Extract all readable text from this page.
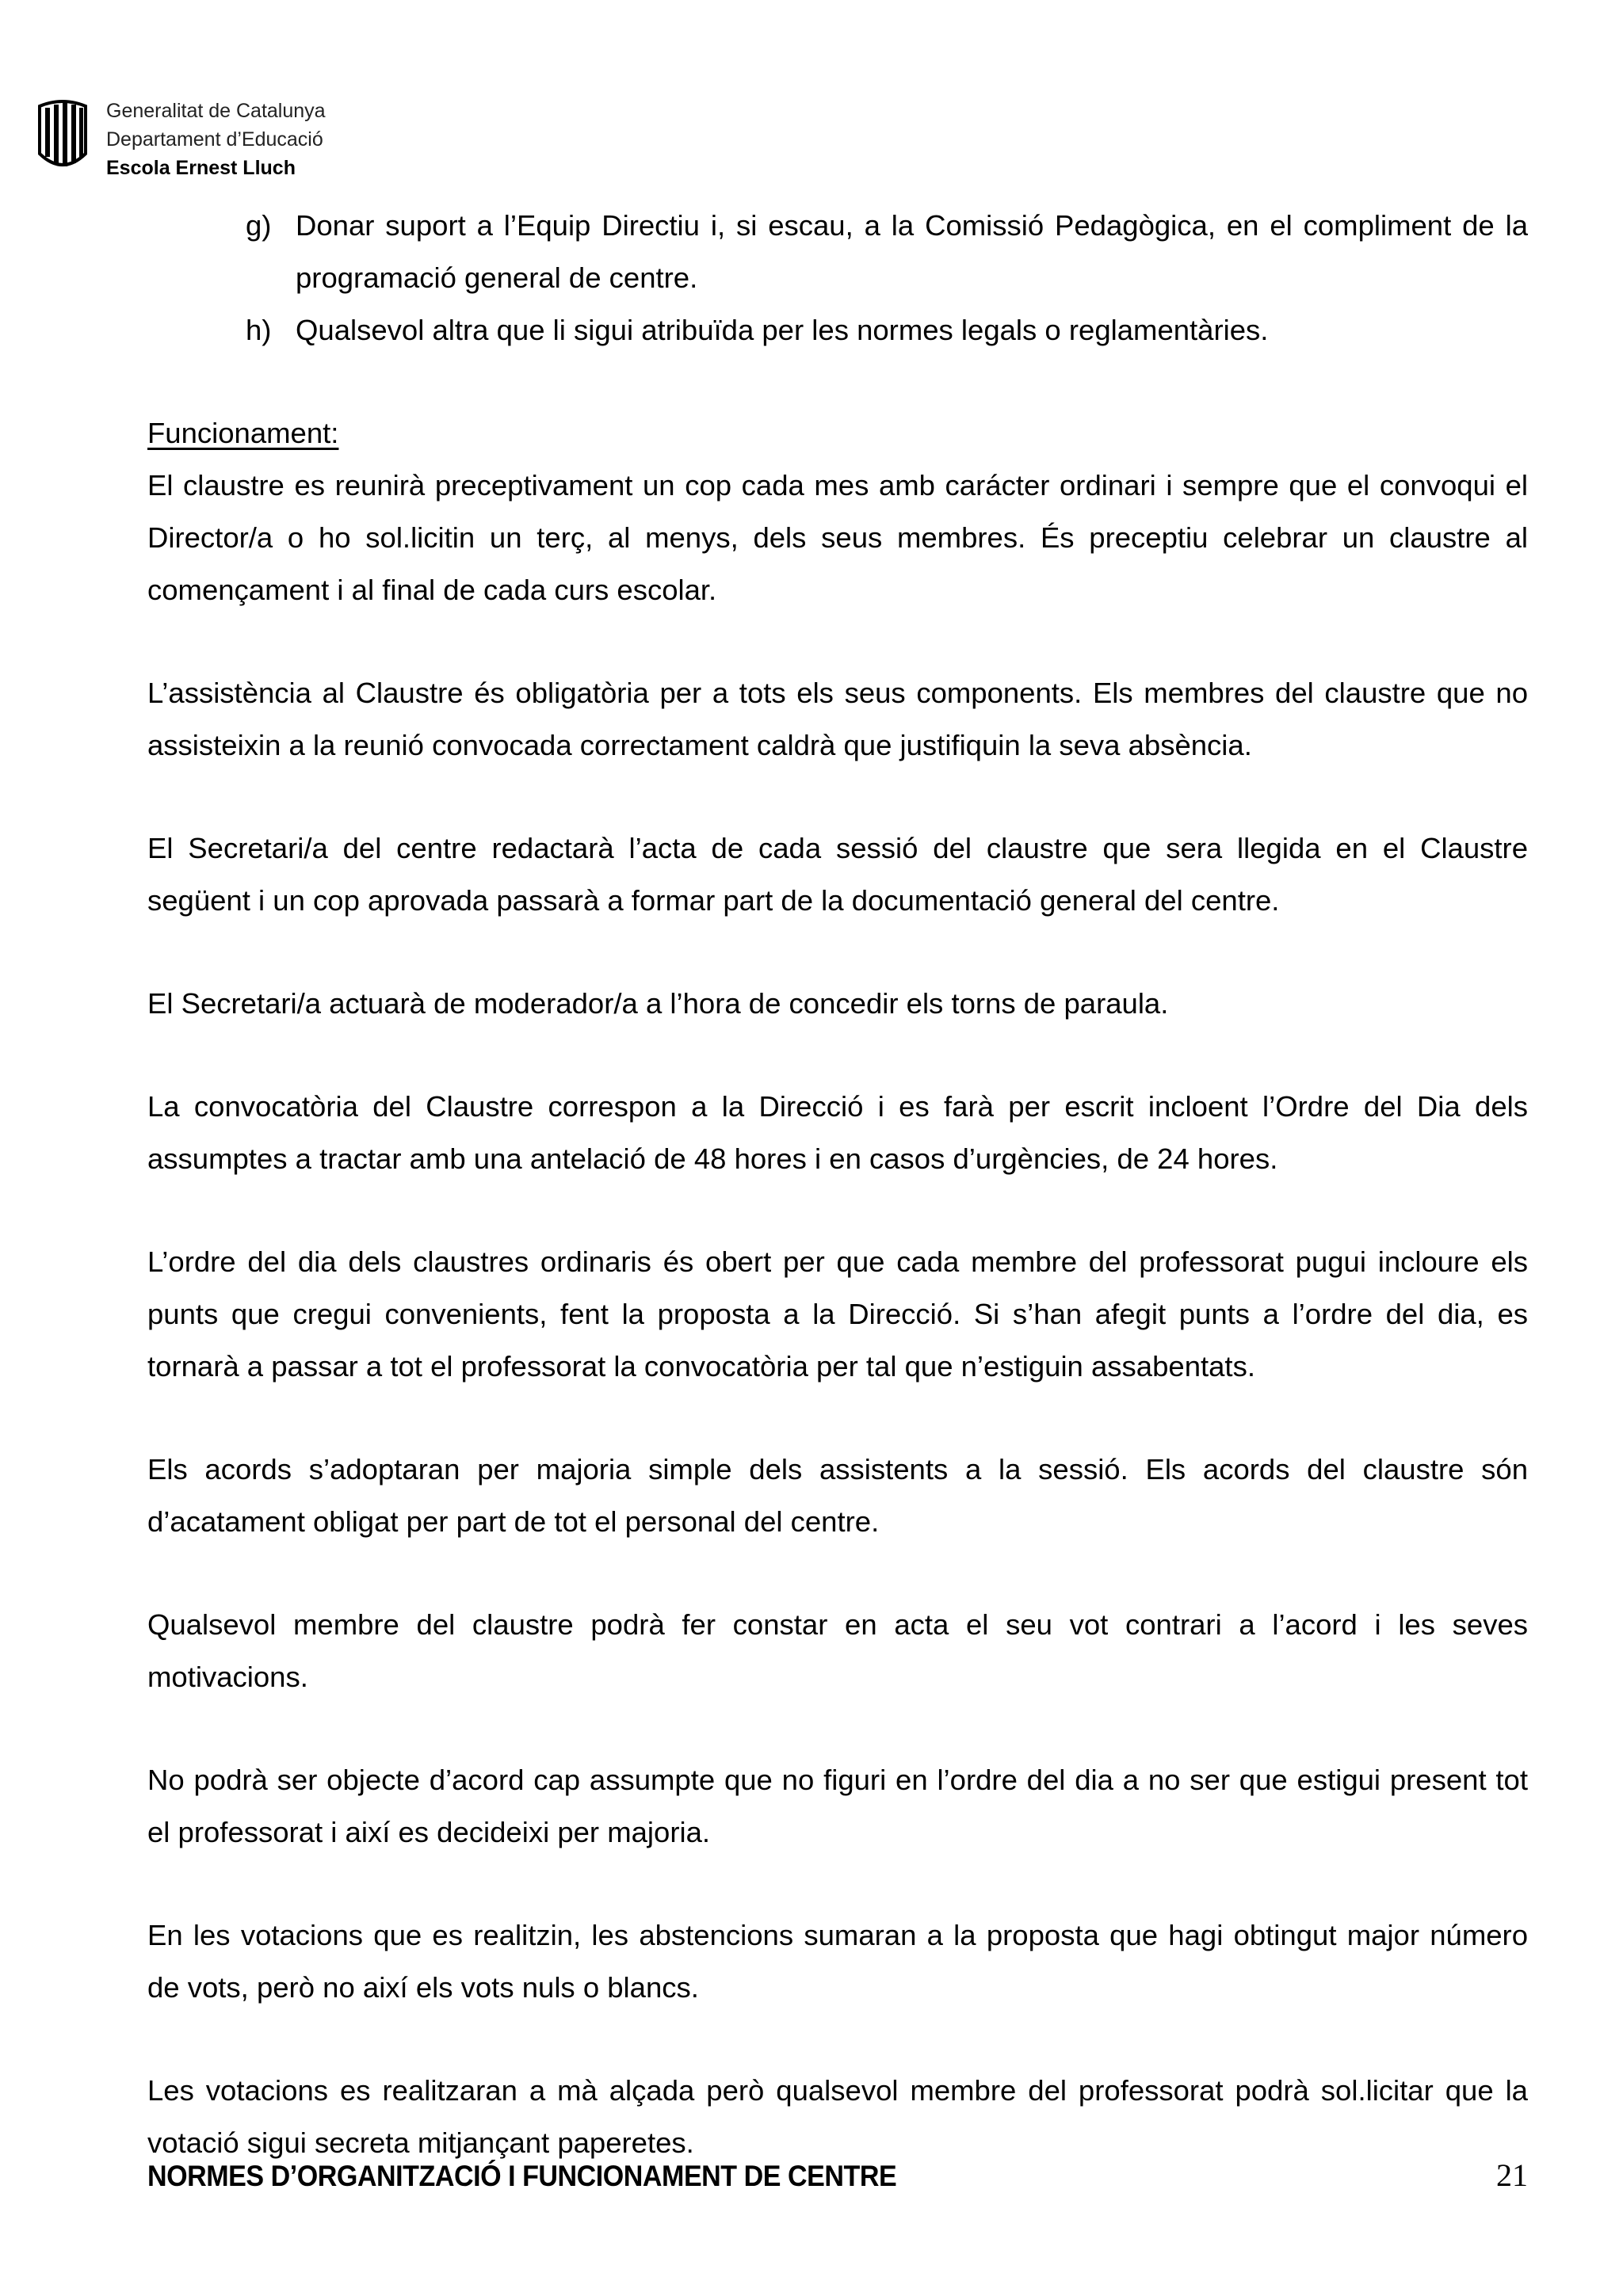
Generalitat de Catalunya
Departament d’Educació
Escola Ernest Lluch
g) Donar suport a l’Equip Directiu i, si escau, a la Comissió Pedagògica, en el compliment de la programació general de centre.
h) Qualsevol altra que li sigui atribuïda per les normes legals o reglamentàries.

Funcionament:

El claustre es reunirà preceptivament un cop cada mes amb carácter ordinari i sempre que el convoqui el Director/a o ho sol.licitin un terç, al menys, dels seus membres. És preceptiu celebrar un claustre al començament i al final de cada curs escolar.

L’assistència al Claustre és obligatòria per a tots els seus components. Els membres del claustre que no assisteixin a la reunió convocada correctament caldrà que justifiquin la seva absència.

El Secretari/a del centre redactarà l’acta de cada sessió del claustre que sera llegida en el Claustre següent i un cop aprovada passarà a formar part de la documentació general del centre.

El Secretari/a actuarà de moderador/a a l’hora de concedir els torns de paraula.

La convocatòria del Claustre correspon a la Direcció i es farà per escrit incloent l’Ordre del Dia dels assumptes a tractar amb una antelació de 48 hores i en casos d’urgències, de 24 hores.

L’ordre del dia dels claustres ordinaris és obert per que cada membre del professorat pugui incloure els punts que cregui convenients, fent la proposta a la Direcció. Si s’han afegit punts a l’ordre del dia, es tornarà a passar a tot el professorat la convocatòria per tal que n’estiguin assabentats.

Els acords s’adoptaran per majoria simple dels assistents a la sessió. Els acords del claustre són d’acatament obligat per part de tot el personal del centre.

Qualsevol membre del claustre podrà fer constar en acta el seu vot contrari a l’acord i les seves motivacions.

No podrà ser objecte d’acord cap assumpte que no figuri en l’ordre del dia a no ser que estigui present tot el professorat i així es decideixi per majoria.

En les votacions que es realitzin, les abstencions sumaran a la proposta que hagi obtingut major número de vots, però no així els vots nuls o blancs.

Les votacions es realitzaran a mà alçada però qualsevol membre del professorat podrà sol.licitar que la votació sigui secreta mitjançant paperetes.

NORMES D’ORGANITZACIÓ I FUNCIONAMENT DE CENTRE	21
